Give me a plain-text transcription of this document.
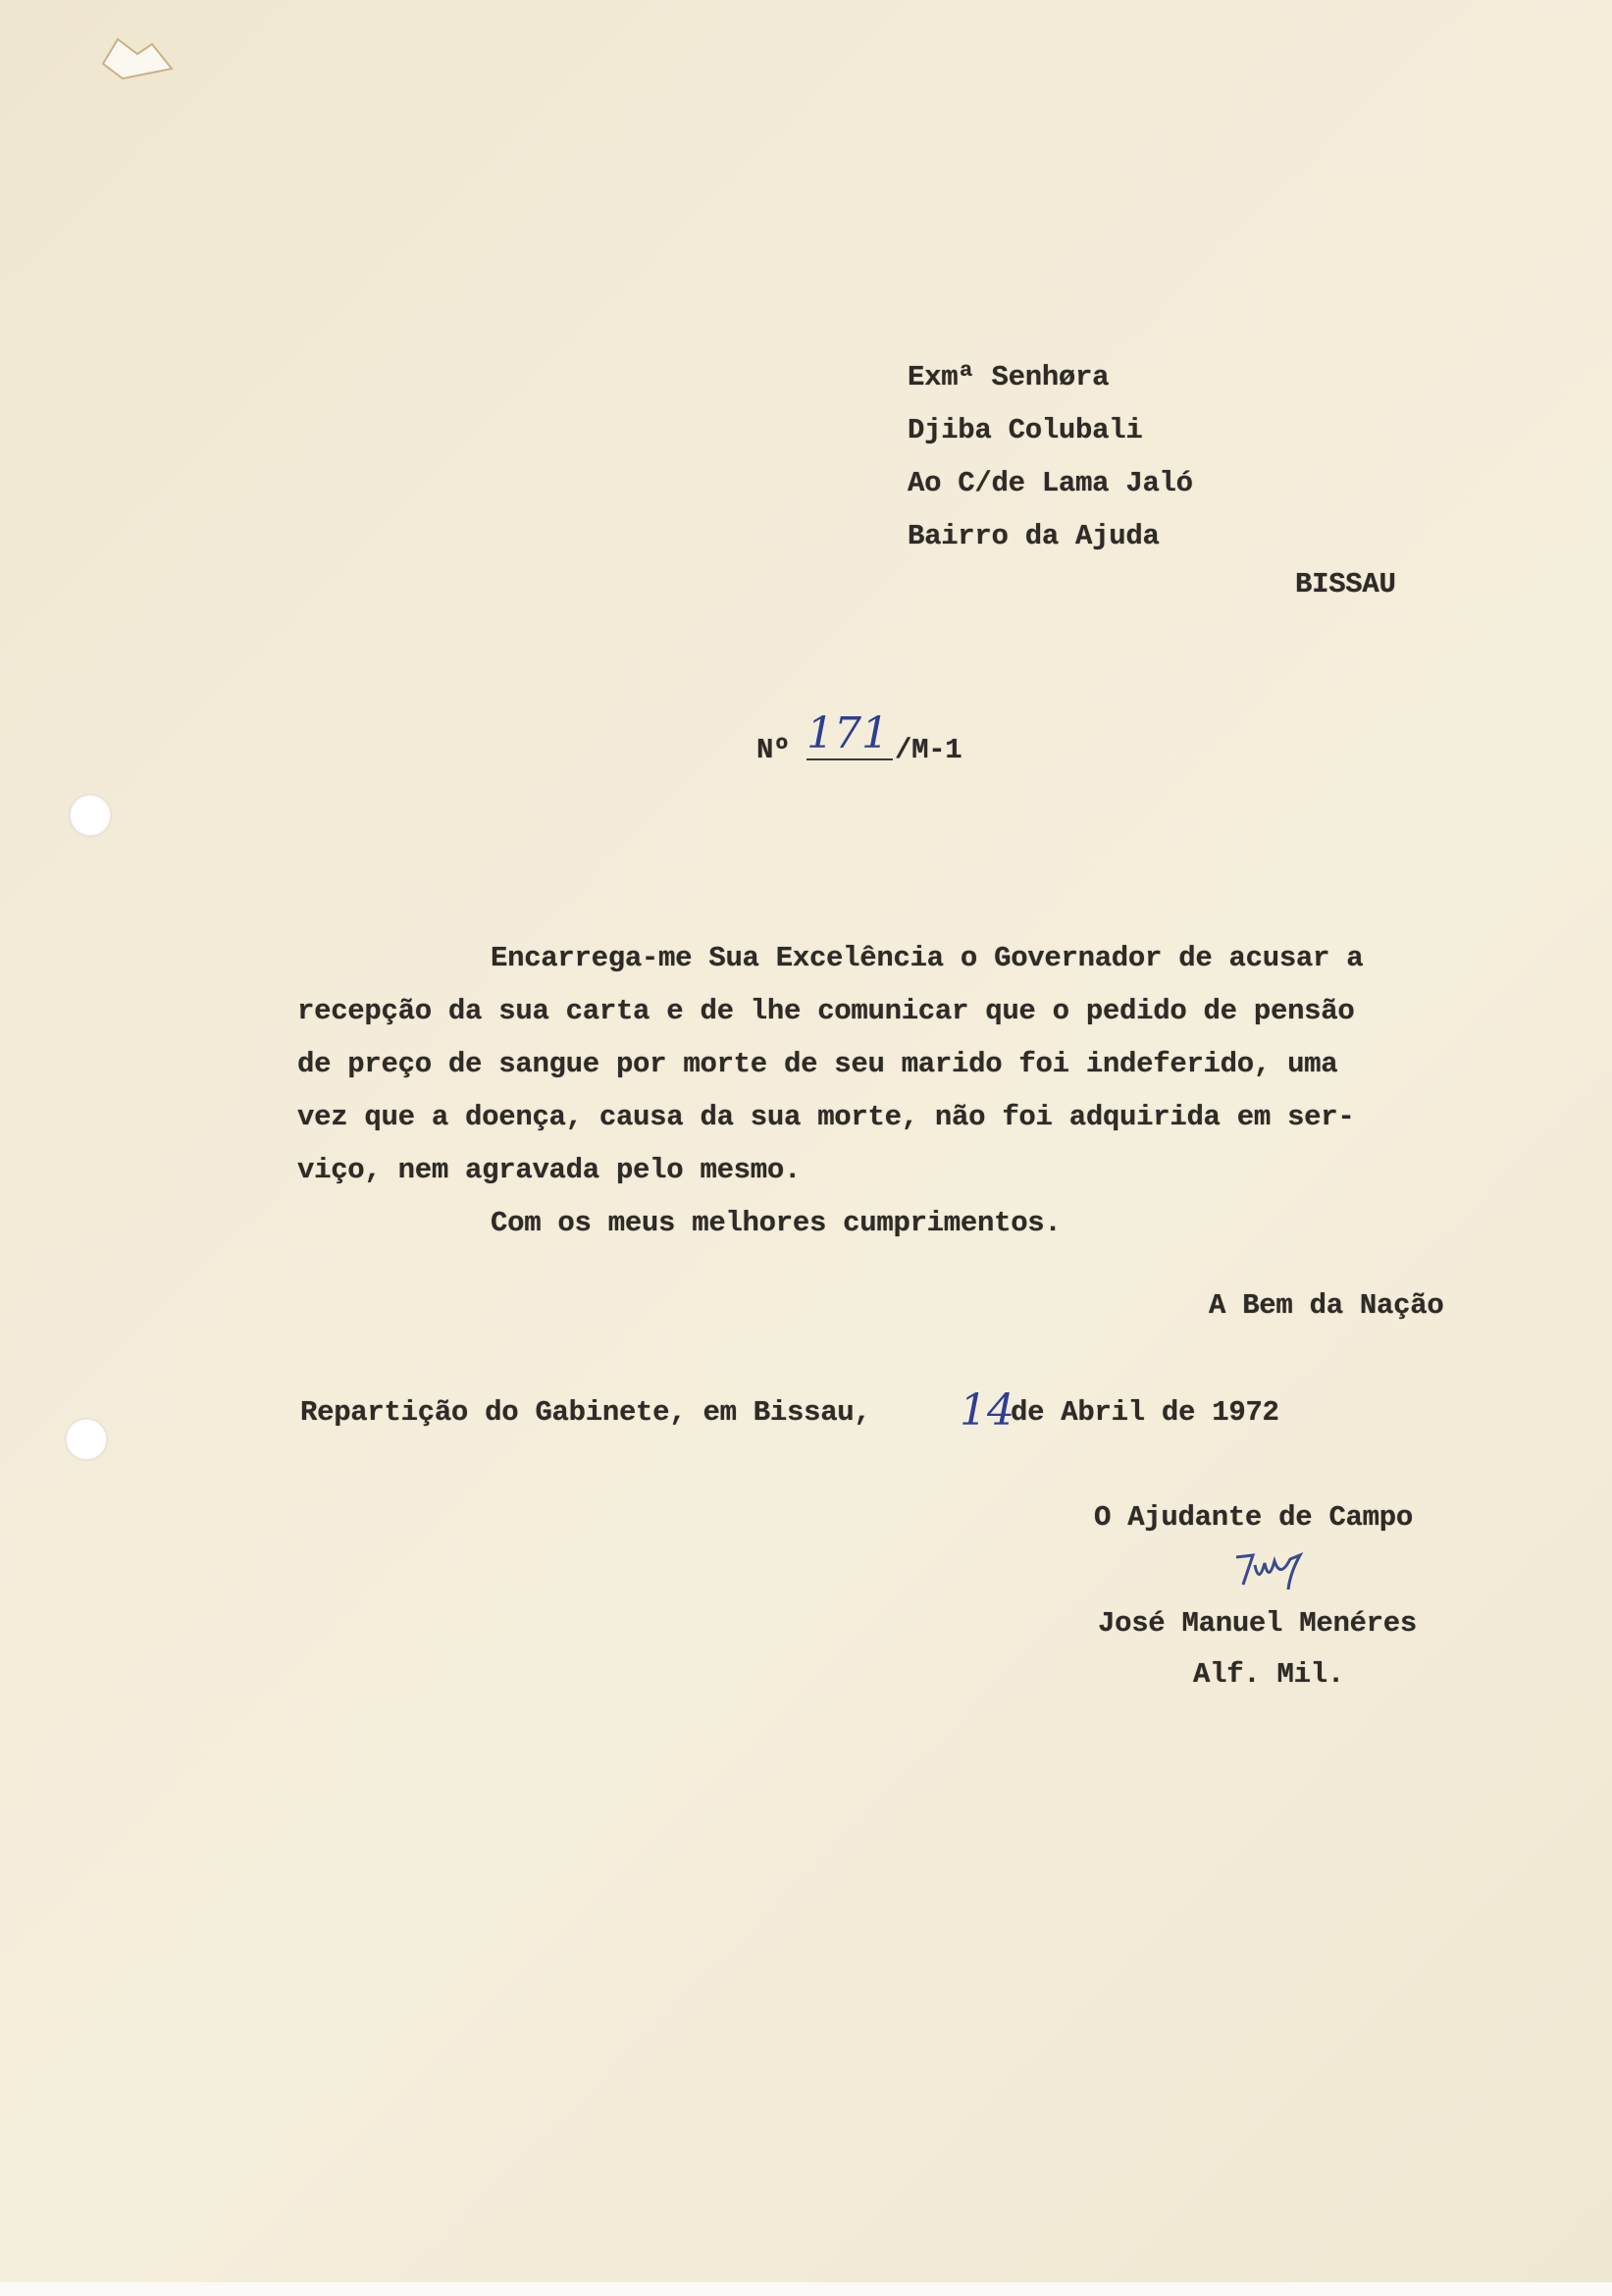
Exmª Senhøra
Djiba Colubali
Ao C/de Lama Jaló
Bairro da Ajuda
BISSAU
Nº 171 /M-1
Encarrega-me Sua Excelência o Governador de acusar a
recepção da sua carta e de lhe comunicar que o pedido de pensão
de preço de sangue por morte de seu marido foi indeferido, uma
vez que a doença, causa da sua morte, não foi adquirida em ser-
viço, nem agravada pelo mesmo.
Com os meus melhores cumprimentos.
A Bem da Nação
Repartição do Gabinete, em Bissau, 14
de Abril de 1972
O Ajudante de Campo
José Manuel Menéres
Alf. Mil.
